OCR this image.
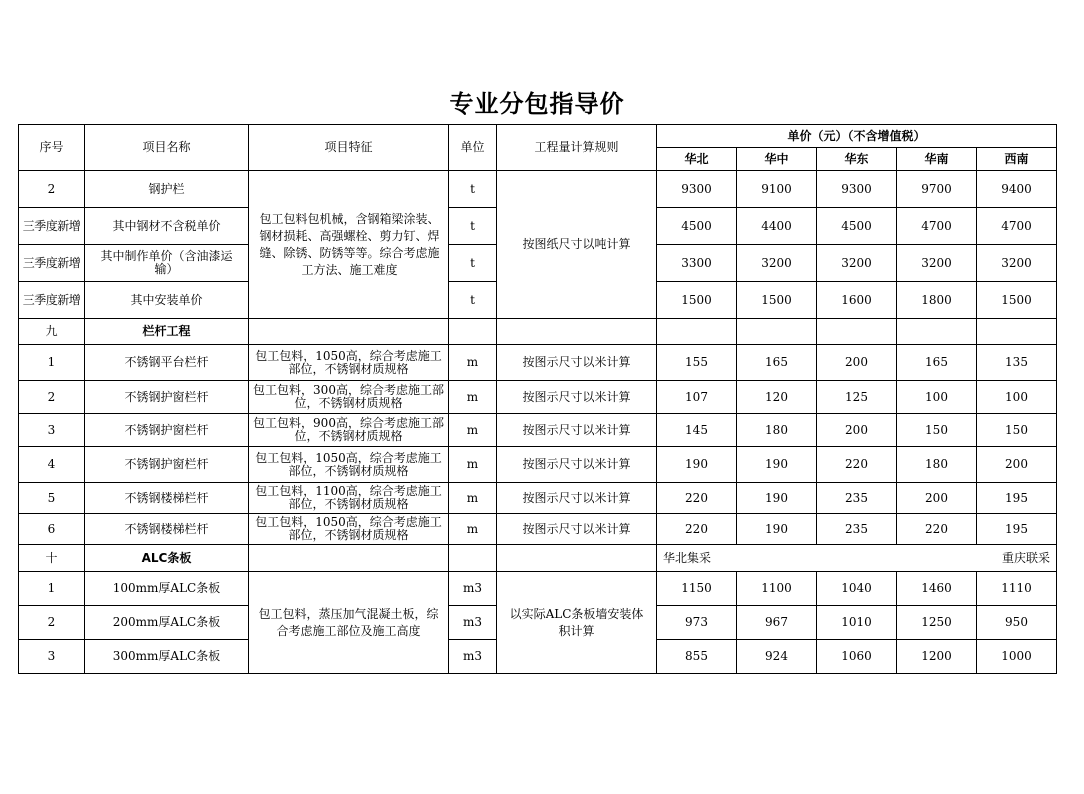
专业分包指导价
序号	项目名称	项目特征	单位	工程量计算规则	单价（元）（不含增值税）				
					华北	华中	华东	华南	西南
2	钢护栏	包工包料包机械，含钢箱梁涂装、钢材损耗、高强螺栓、剪力钉、焊缝、除锈、防锈等等。综合考虑施工方法、施工难度	t	按图纸尺寸以吨计算	9300	9100	9300	9700	9400
三季度新增	其中钢材不含税单价		t		4500	4400	4500	4700	4700
三季度新增	其中制作单价（含油漆运输）		t		3300	3200	3200	3200	3200
三季度新增	其中安装单价		t		1500	1500	1600	1800	1500
九	栏杆工程								
1	不锈钢平台栏杆	包工包料，1050高，综合考虑施工部位，不锈钢材质规格	m	按图示尺寸以米计算	155	165	200	165	135
2	不锈钢护窗栏杆	包工包料，300高，综合考虑施工部位，不锈钢材质规格	m	按图示尺寸以米计算	107	120	125	100	100
3	不锈钢护窗栏杆	包工包料，900高，综合考虑施工部位，不锈钢材质规格	m	按图示尺寸以米计算	145	180	200	150	150
4	不锈钢护窗栏杆	包工包料，1050高，综合考虑施工部位，不锈钢材质规格	m	按图示尺寸以米计算	190	190	220	180	200
5	不锈钢楼梯栏杆	包工包料，1100高，综合考虑施工部位，不锈钢材质规格	m	按图示尺寸以米计算	220	190	235	200	195
6	不锈钢楼梯栏杆	包工包料，1050高，综合考虑施工部位，不锈钢材质规格	m	按图示尺寸以米计算	220	190	235	220	195
十	ALC条板				华北集采 重庆联采				

1	100mm厚ALC条板	包工包料，蒸压加气混凝土板，综合考虑施工部位及施工高度	m3	以实际ALC条板墙安装体积计算	1150	1100	1040	1460	1110
2	200mm厚ALC条板		m3		973	967	1010	1250	950
3	300mm厚ALC条板		m3		855	924	1060	1200	1000
